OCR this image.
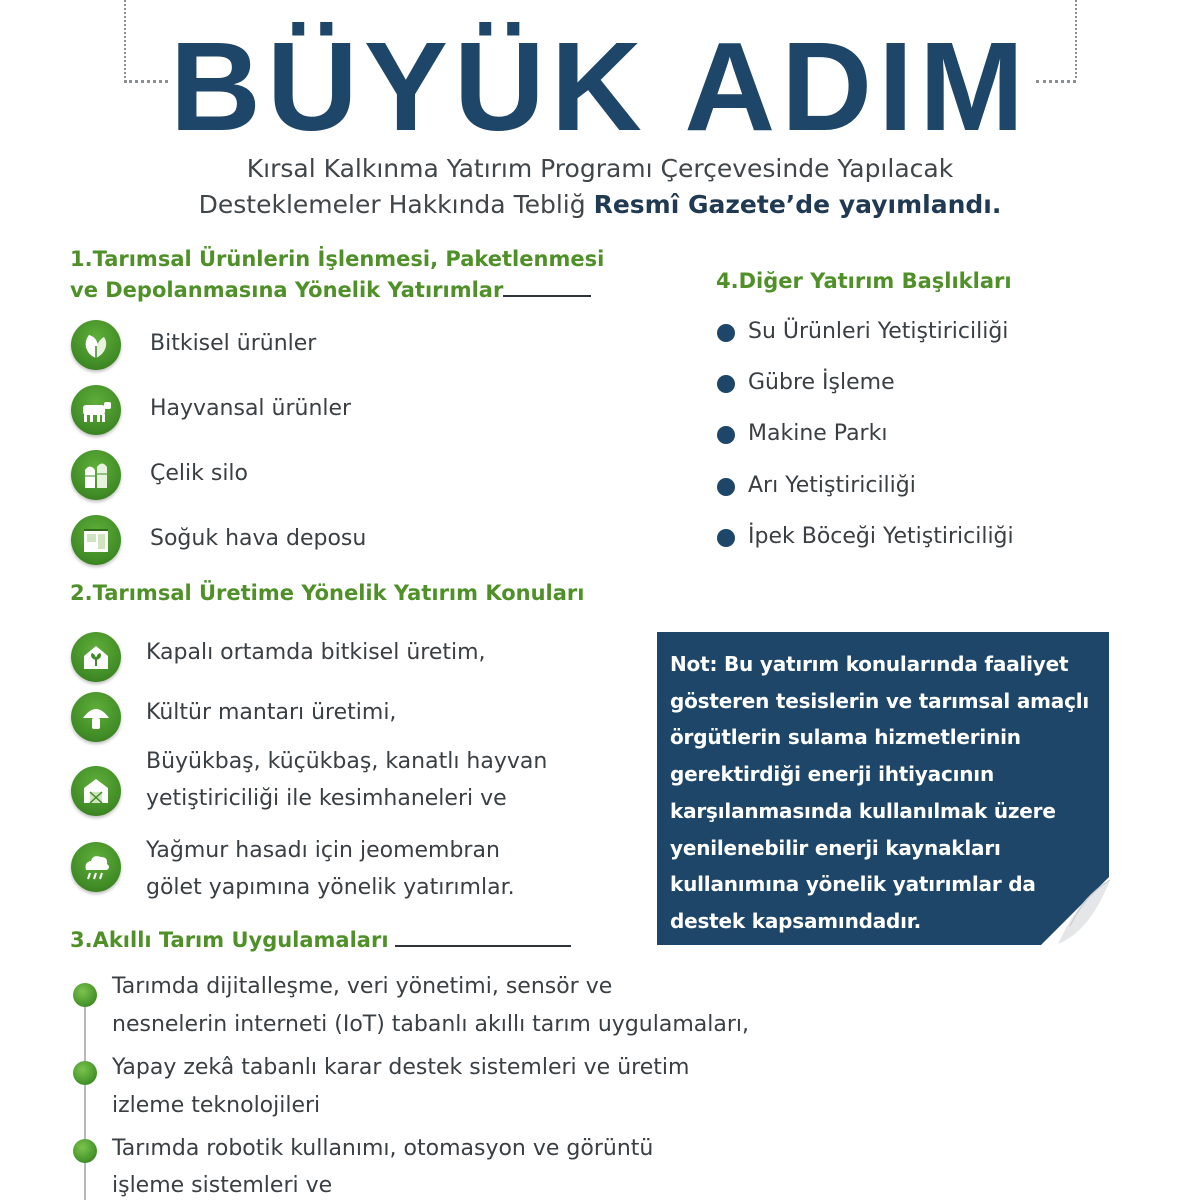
BÜYÜK ADIM
Kırsal Kalkınma Yatırım Programı Çerçevesinde Yapılacak
Desteklemeler Hakkında Tebliğ Resmî Gazete’de yayımlandı.
1.Tarımsal Ürünlerin İşlenmesi, Paketlenmesi
ve Depolanmasına Yönelik Yatırımlar
Bitkisel ürünler
Hayvansal ürünler
Çelik silo
Soğuk hava deposu
2.Tarımsal Üretime Yönelik Yatırım Konuları
Kapalı ortamda bitkisel üretim,
Kültür mantarı üretimi,
Büyükbaş, küçükbaş, kanatlı hayvan
yetiştiriciliği ile kesimhaneleri ve
Yağmur hasadı için jeomembran
gölet yapımına yönelik yatırımlar.
3.Akıllı Tarım Uygulamaları
Tarımda dijitalleşme, veri yönetimi, sensör ve
nesnelerin interneti (IoT) tabanlı akıllı tarım uygulamaları,
Yapay zekâ tabanlı karar destek sistemleri ve üretim
izleme teknolojileri
Tarımda robotik kullanımı, otomasyon ve görüntü
işleme sistemleri ve
4.Diğer Yatırım Başlıkları
Su Ürünleri Yetiştiriciliği
Gübre İşleme
Makine Parkı
Arı Yetiştiriciliği
İpek Böceği Yetiştiriciliği
Not: Bu yatırım konularında faaliyet
gösteren tesislerin ve tarımsal amaçlı
örgütlerin sulama hizmetlerinin
gerektirdiği enerji ihtiyacının
karşılanmasında kullanılmak üzere
yenilenebilir enerji kaynakları
kullanımına yönelik yatırımlar da
destek kapsamındadır.
